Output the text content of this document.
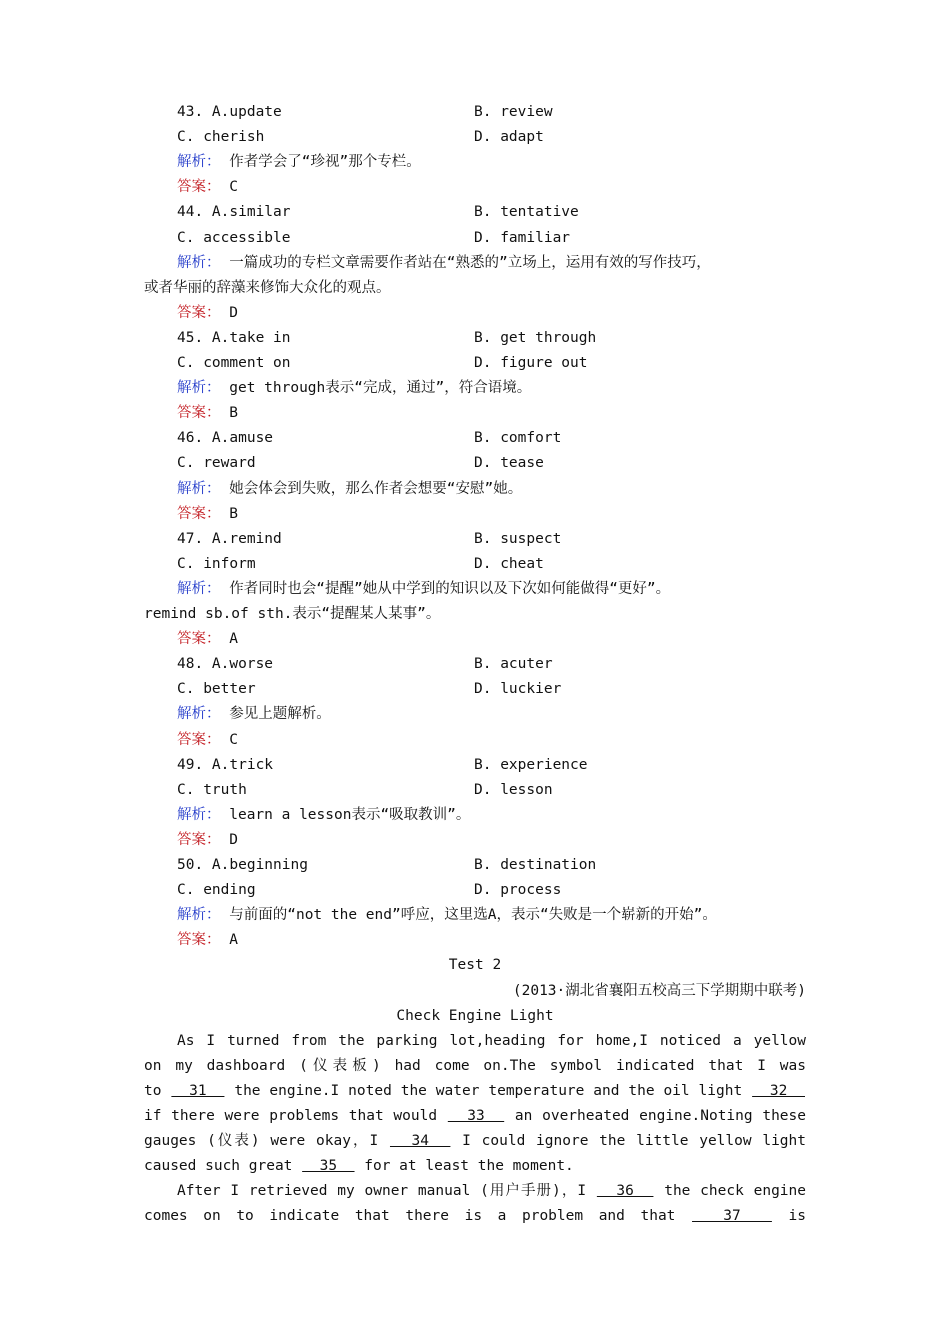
43. A.update	B. review
C. cherish	D. adapt
解析： 作者学会了“珍视”那个专栏。
答案： C
44. A.similar	B. tentative
C. accessible	D. familiar
解析： 一篇成功的专栏文章需要作者站在“熟悉的”立场上，运用有效的写作技巧，
或者华丽的辞藻来修饰大众化的观点。
答案： D
45. A.take in	B. get through
C. comment on	D. figure out
解析： get through表示“完成，通过”，符合语境。
答案： B
46. A.amuse	B. comfort
C. reward	D. tease
解析： 她会体会到失败，那么作者会想要“安慰”她。
答案： B
47. A.remind	B. suspect
C. inform	D. cheat
解析： 作者同时也会“提醒”她从中学到的知识以及下次如何能做得“更好”。
remind sb.of sth.表示“提醒某人某事”。
答案： A
48. A.worse	B. acuter
C. better	D. luckier
解析： 参见上题解析。
答案： C
49. A.trick	B. experience
C. truth	D. lesson
解析： learn a lesson表示“吸取教训”。
答案： D
50. A.beginning	B. destination
C. ending	D. process
解析： 与前面的“not the end”呼应，这里选A，表示“失败是一个崭新的开始”。
答案： A
Test 2
(2013·湖北省襄阳五校高三下学期期中联考)
Check Engine Light
As I turned from the parking lot,heading for home,I noticed a yellow
on my dashboard (仪表板) had come on.The symbol indicated that I was
to   31   the engine.I noted the water temperature and the oil light   32
if there were problems that would   33   an overheated engine.Noting these
gauges (仪表) were okay，I   34   I could ignore the little yellow light
caused such great   35   for at least the moment.
After I retrieved my owner manual (用户手册)，I   36   the check engine
comes on to indicate that there is a problem and that   37   is
